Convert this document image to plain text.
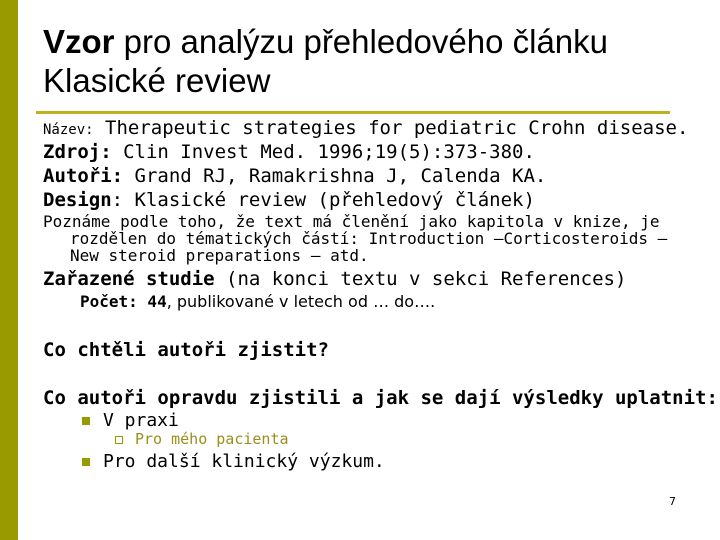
Vzor pro analýzu přehledového článku
Klasické review
Název: Therapeutic strategies for pediatric Crohn disease.
Zdroj: Clin Invest Med. 1996;19(5):373-380.
Autoři: Grand RJ, Ramakrishna J, Calenda KA.
Design: Klasické review (přehledový článek)

Poznáme podle toho, že text má členění jako kapitola v knize, je rozdělen do tématických částí: Introduction –Corticosteroids – New steroid preparations – atd.

Zařazené studie (na konci textu v sekci References)
Počet: 44, publikované v letech od … do….
Co chtěli autoři zjistit?
Co autoři opravdu zjistili a jak se dají výsledky uplatnit:
V praxi
Pro mého pacienta
Pro další klinický výzkum.
7
